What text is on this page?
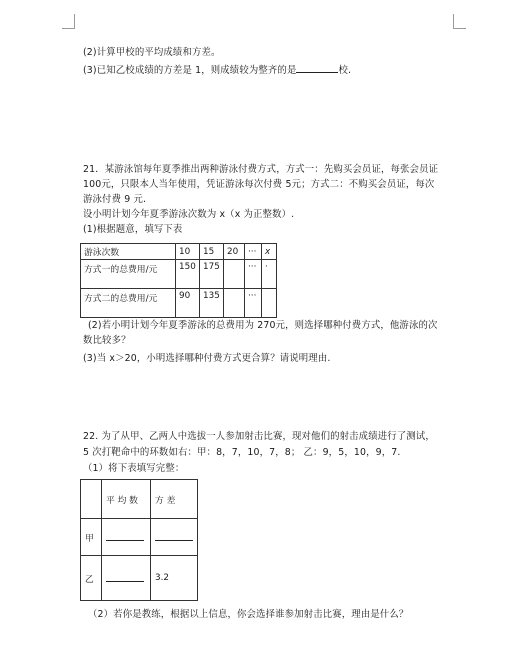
(2)计算甲校的平均成绩和方差。
(3)已知乙校成绩的方差是 1，则成绩较为整齐的是	校.
21．某游泳馆每年夏季推出两种游泳付费方式，方式一：先购买会员证，每张会员证
100元，只限本人当年使用，凭证游泳每次付费 5元；方式二：不购买会员证，每次
游泳付费 9 元.
设小明计划今年夏季游泳次数为 x（x 为正整数）.
(1)根据题意，填写下表
游泳次数	10	15	20	···	x
方式一的总费用/元	150	175		···	·
方式二的总费用/元	90	135		···	
(2)若小明计划今年夏季游泳的总费用为 270元，则选择哪种付费方式，他游泳的次
数比较多？
(3)当 x＞20，小明选择哪种付费方式更合算？请说明理由.
22. 为了从甲、乙两人中选拔一人参加射击比赛，现对他们的射击成绩进行了测试，
5 次打靶命中的环数如右：甲：8，7，10，7，8； 乙：9，5，10，9，7.
（1）将下表填写完整：
	平 均 数	方 差
甲		
乙		3.2
（2）若你是教练，根据以上信息，你会选择谁参加射击比赛，理由是什么？
